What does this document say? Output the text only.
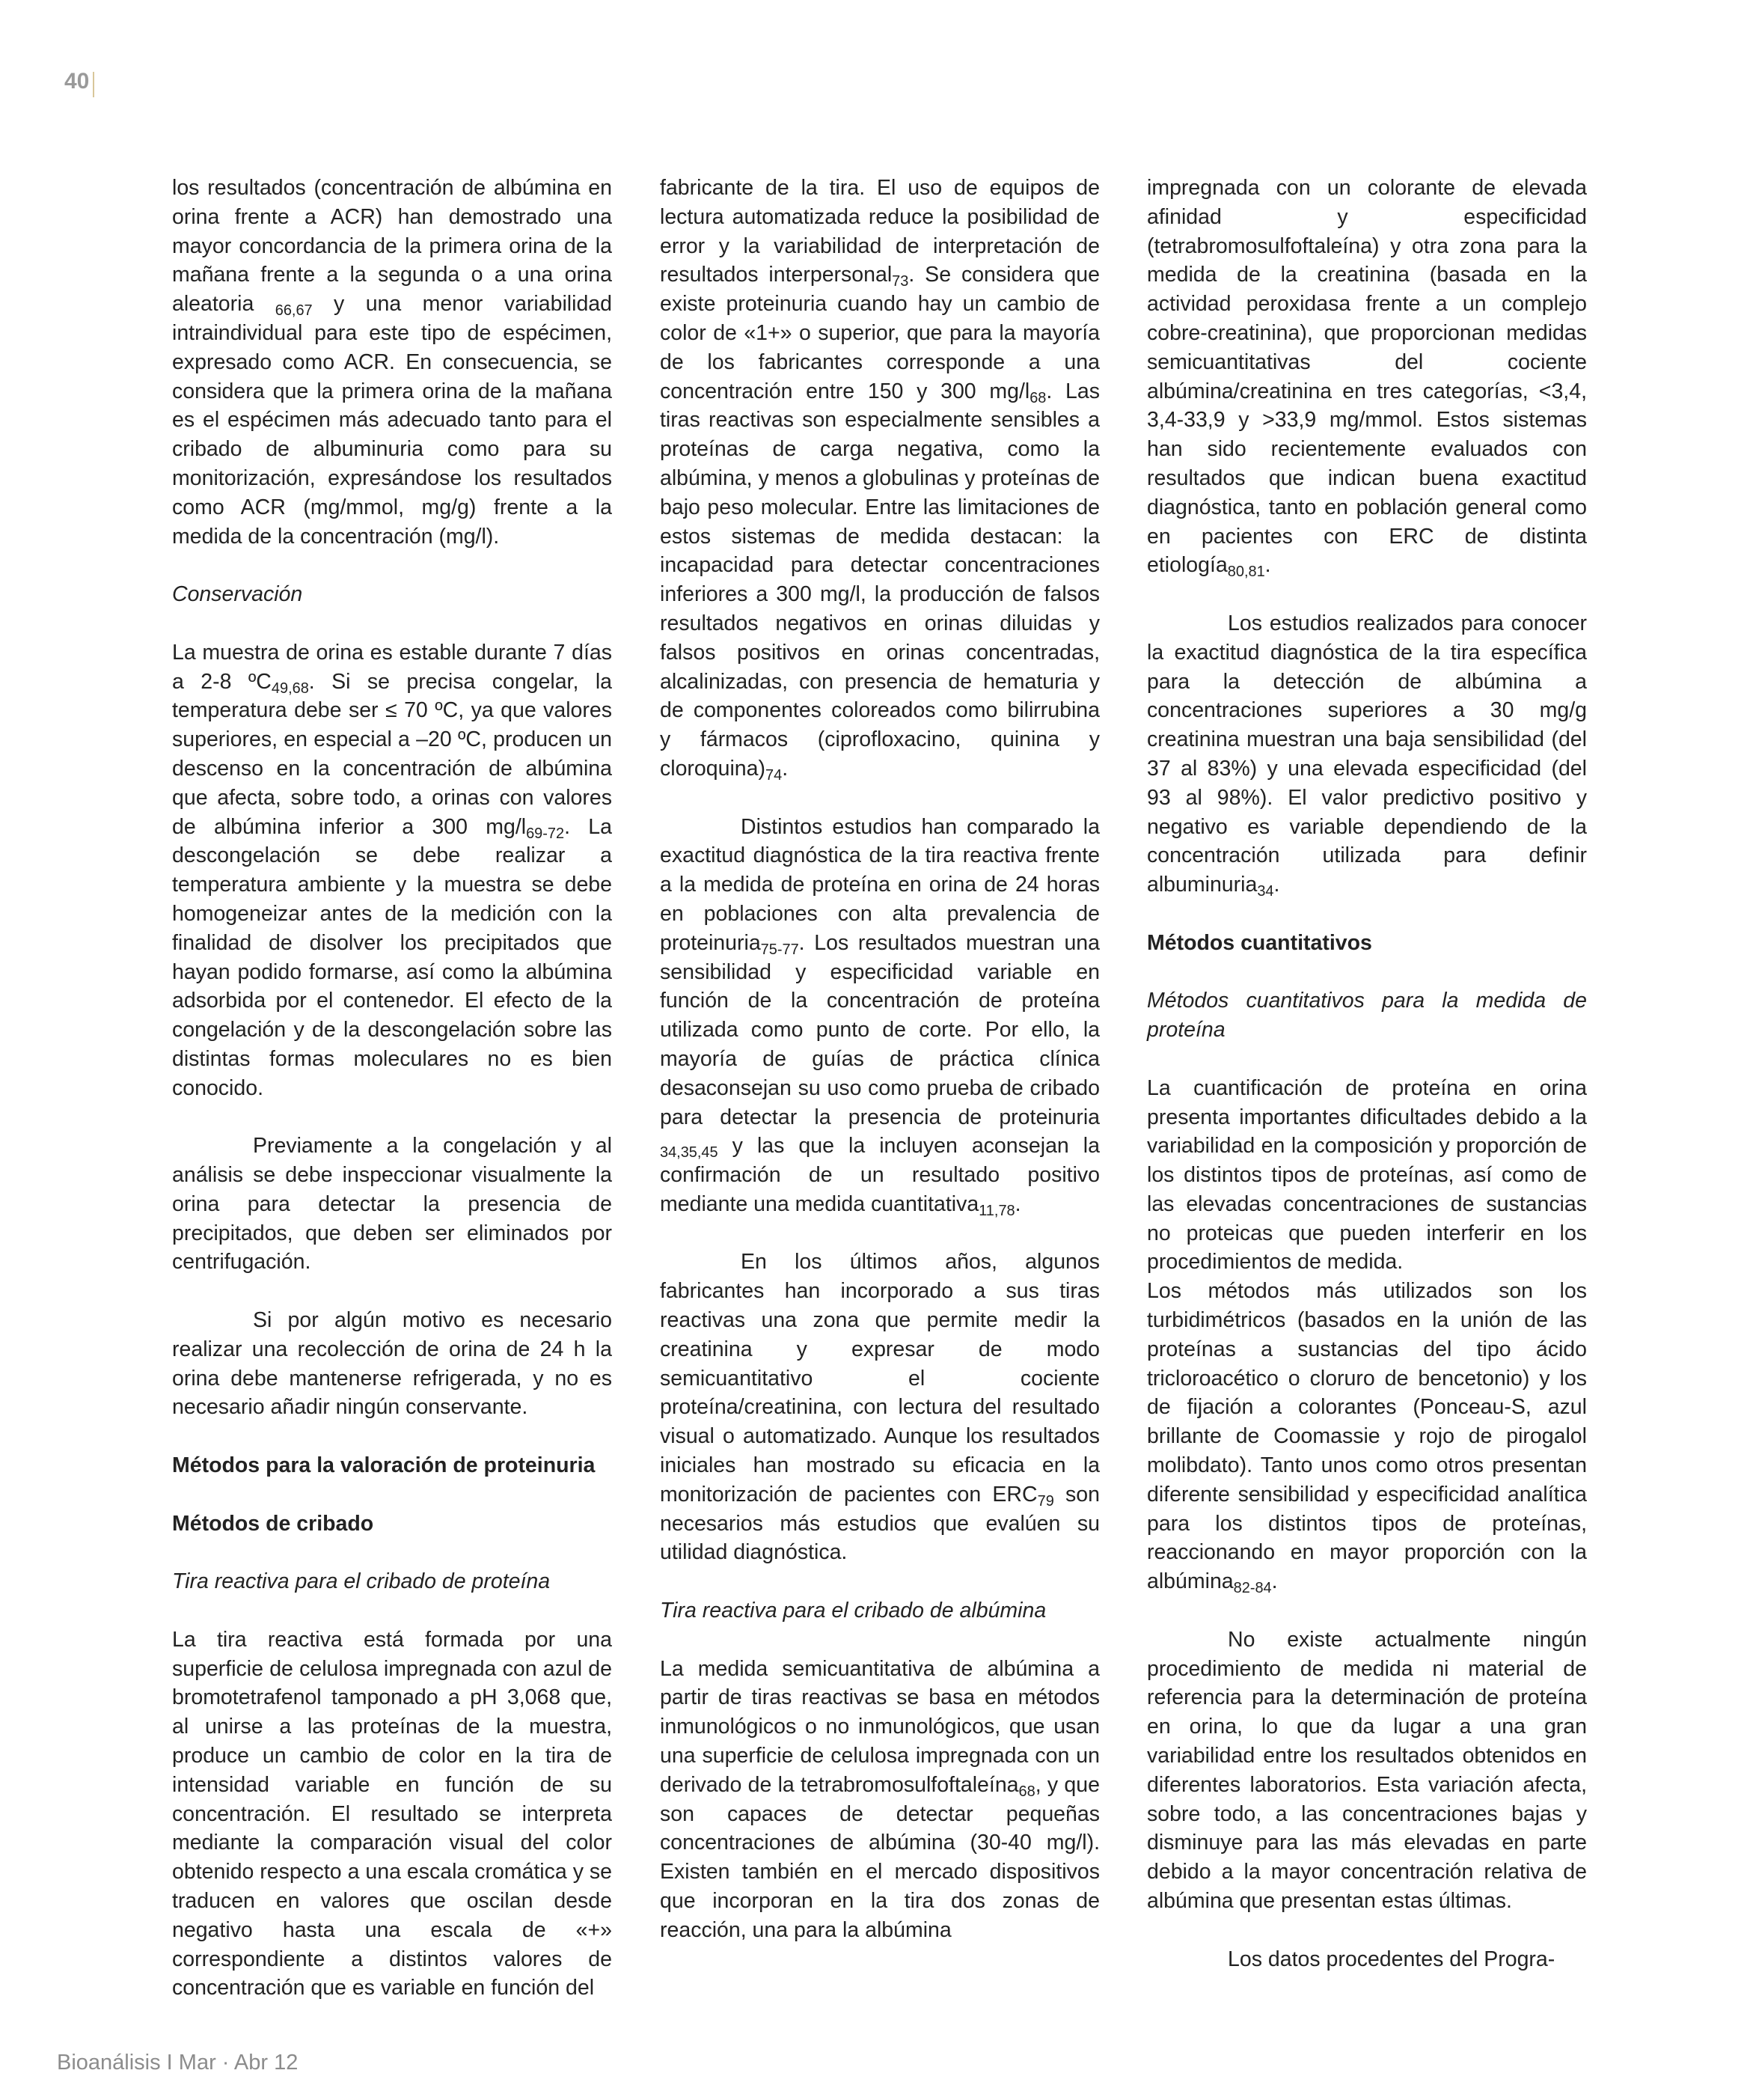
40

los resultados (concentración de albúmina en orina frente a ACR) han demostrado una mayor concordancia de la primera orina de la mañana frente a la segunda o a una orina aleatoria $_{66,67}$ y una menor variabilidad intraindividual para este tipo de espécimen, expresado como ACR. En consecuencia, se considera que la primera orina de la mañana es el espécimen más adecuado tanto para el cribado de albuminuria como para su monitorización, expresándose los resultados como ACR (mg/mmol, mg/g) frente a la medida de la concentración (mg/l).

Conservación

La muestra de orina es estable durante 7 días a 2-8 ºC$_{49,68}$. Si se precisa congelar, la temperatura debe ser ≤ 70 ºC, ya que valores superiores, en especial a –20 ºC, producen un descenso en la concentración de albúmina que afecta, sobre todo, a orinas con valores de albúmina inferior a 300 $mg/l_{69-72}$. La descongelación se debe realizar a temperatura ambiente y la muestra se debe homogeneizar antes de la medición con la finalidad de disolver los precipitados que hayan podido formarse, así como la albúmina adsorbida por el contenedor. El efecto de la congelación y de la descongelación sobre las distintas formas moleculares no es bien conocido.

Previamente a la congelación y al análisis se debe inspeccionar visualmente la orina para detectar la presencia de precipitados, que deben ser eliminados por centrifugación.

Si por algún motivo es necesario realizar una recolección de orina de 24 h la orina debe mantenerse refrigerada, y no es necesario añadir ningún conservante.

Métodos para la valoración de proteinuria

Métodos de cribado

Tira reactiva para el cribado de proteína

La tira reactiva está formada por una superficie de celulosa impregnada con azul de bromotetrafenol tamponado a pH 3,068 que, al unirse a las proteínas de la muestra, produce un cambio de color en la tira de intensidad variable en función de su concentración. El resultado se interpreta mediante la comparación visual del color obtenido respecto a una escala cromática y se traducen en valores que oscilan desde negativo hasta una escala de «+» correspondiente a distintos valores de concentración que es variable en función del

fabricante de la tira. El uso de equipos de lectura automatizada reduce la posibilidad de error y la variabilidad de interpretación de resultados interpersonal$_{73}$. Se considera que existe proteinuria cuando hay un cambio de color de «1+» o superior, que para la mayoría de los fabricantes corresponde a una concentración entre 150 y 300 $mg/l_{68}$. Las tiras reactivas son especialmente sensibles a proteínas de carga negativa, como la albúmina, y menos a globulinas y proteínas de bajo peso molecular. Entre las limitaciones de estos sistemas de medida destacan: la incapacidad para detectar concentraciones inferiores a 300 mg/l, la producción de falsos resultados negativos en orinas diluidas y falsos positivos en orinas concentradas, alcalinizadas, con presencia de hematuria y de componentes coloreados como bilirrubina y fármacos (ciprofloxacino, quinina y $cloroquina)_{74}$.

Distintos estudios han comparado la exactitud diagnóstica de la tira reactiva frente a la medida de proteína en orina de 24 horas en poblaciones con alta prevalencia de proteinuria$_{75-77}$. Los resultados muestran una sensibilidad y especificidad variable en función de la concentración de proteína utilizada como punto de corte. Por ello, la mayoría de guías de práctica clínica desaconsejan su uso como prueba de cribado para detectar la presencia de proteinuria $_{34,35,45}$ y las que la incluyen aconsejan la confirmación de un resultado positivo mediante una medida cuantitativa$_{11,78}$.

En los últimos años, algunos fabricantes han incorporado a sus tiras reactivas una zona que permite medir la creatinina y expresar de modo semicuantitativo el cociente proteína/creatinina, con lectura del resultado visual o automatizado. Aunque los resultados iniciales han mostrado su eficacia en la monitorización de pacientes con $ERC_{79}$ son necesarios más estudios que evalúen su utilidad diagnóstica.

Tira reactiva para el cribado de albúmina

La medida semicuantitativa de albúmina a partir de tiras reactivas se basa en métodos inmunológicos o no inmunológicos, que usan una superficie de celulosa impregnada con un derivado de la tetrabromosulfoftaleína$_{68}$, y que son capaces de detectar pequeñas concentraciones de albúmina (30-40 mg/l). Existen también en el mercado dispositivos que incorporan en la tira dos zonas de reacción, una para la albúmina

impregnada con un colorante de elevada afinidad y especificidad (tetrabromosulfoftaleína) y otra zona para la medida de la creatinina (basada en la actividad peroxidasa frente a un complejo cobre-creatinina), que proporcionan medidas semicuantitativas del cociente albúmina/creatinina en tres categorías, <3,4, 3,4-33,9 y >33,9 mg/mmol. Estos sistemas han sido recientemente evaluados con resultados que indican buena exactitud diagnóstica, tanto en población general como en pacientes con ERC de distinta etiología$_{80,81}$.

Los estudios realizados para conocer la exactitud diagnóstica de la tira específica para la detección de albúmina a concentraciones superiores a 30 mg/g creatinina muestran una baja sensibilidad (del 37 al 83%) y una elevada especificidad (del 93 al 98%). El valor predictivo positivo y negativo es variable dependiendo de la concentración utilizada para definir albuminuria$_{34}$.

Métodos cuantitativos

Métodos cuantitativos para la medida de proteína

La cuantificación de proteína en orina presenta importantes dificultades debido a la variabilidad en la composición y proporción de los distintos tipos de proteínas, así como de las elevadas concentraciones de sustancias no proteicas que pueden interferir en los procedimientos de medida.

Los métodos más utilizados son los turbidimétricos (basados en la unión de las proteínas a sustancias del tipo ácido tricloroacético o cloruro de bencetonio) y los de fijación a colorantes (Ponceau-S, azul brillante de Coomassie y rojo de pirogalol molibdato). Tanto unos como otros presentan diferente sensibilidad y especificidad analítica para los distintos tipos de proteínas, reaccionando en mayor proporción con la albúmina$_{82-84}$.

No existe actualmente ningún procedimiento de medida ni material de referencia para la determinación de proteína en orina, lo que da lugar a una gran variabilidad entre los resultados obtenidos en diferentes laboratorios. Esta variación afecta, sobre todo, a las concentraciones bajas y disminuye para las más elevadas en parte debido a la mayor concentración relativa de albúmina que presentan estas últimas.

Los datos procedentes del Progra-

Bioanálisis I Mar · Abr 12
